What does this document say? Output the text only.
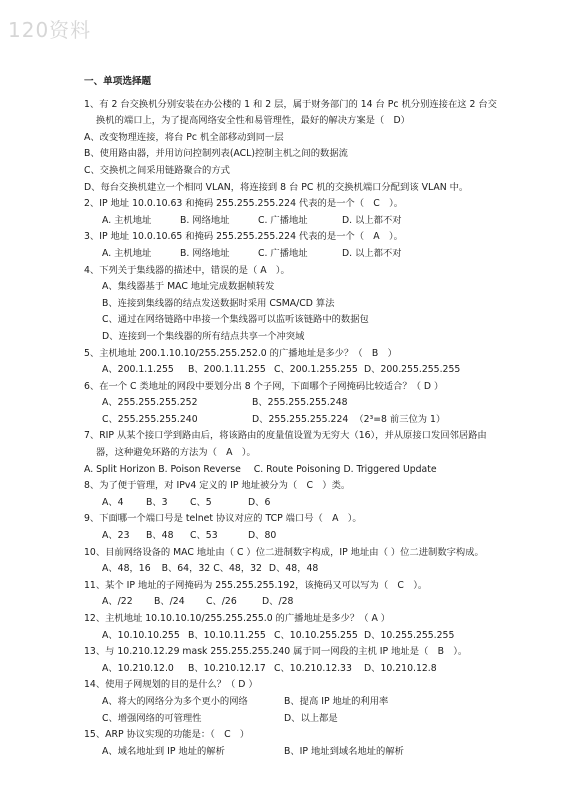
120资料
一、单项选择题
1、有 2 台交换机分别安装在办公楼的 1 和 2 层，属于财务部门的 14 台 Pc 机分别连接在这 2 台交换机的端口上，为了提高网络安全性和易管理性，最好的解决方案是（　D）
A、改变物理连接，将台 Pc 机全部移动到同一层
B、使用路由器，并用访问控制列表(ACL)控制主机之间的数据流
C、交换机之间采用链路聚合的方式
D、每台交换机建立一个相同 VLAN，将连接到 8 台 PC 机的交换机端口分配到该 VLAN 中。
2、IP 地址 10.0.10.63 和掩码 255.255.255.224 代表的是一个（　C　）。
A. 主机地址	B. 网络地址	C. 广播地址	D. 以上都不对
3、IP 地址 10.0.10.65 和掩码 255.255.255.224 代表的是一个（　A　）。
A. 主机地址	B. 网络地址	C. 广播地址	D. 以上都不对
4、下列关于集线器的描述中，错误的是（ A　）。
A、集线器基于 MAC 地址完成数据帧转发
B、连接到集线器的结点发送数据时采用 CSMA/CD 算法
C、通过在网络链路中串接一个集线器可以监听该链路中的数据包
D、连接到一个集线器的所有结点共享一个冲突域
5、主机地址 200.1.10.10/255.255.252.0 的广播地址是多少？（　B　）
A、200.1.1.255	B、200.1.11.255 C、200.1.255.255 D、200.255.255.255
6、在一个 C 类地址的网段中要划分出 8 个子网，下面哪个子网掩码比较适合？（ D ）
A、255.255.255.252	B、255.255.255.248
C、255.255.255.240	D、255.255.255.224 （2³=8 前三位为 1）
7、RIP 从某个接口学到路由后，将该路由的度量值设置为无穷大（16），并从原接口发回邻居路由器，这种避免环路的方法为（　A　）。
A. Split Horizon B. Poison Reverse C. Route Poisoning D. Triggered Update
8、为了便于管理，对 IPv4 定义的 IP 地址被分为（　C　）类。
A、4	B、3	C、5	D、6
9、下面哪一个端口号是 telnet 协议对应的 TCP 端口号（　A　）。
A、23	B、48	C、53	D、80
10、目前网络设备的 MAC 地址由（ C ）位二进制数字构成，IP 地址由（ ）位二进制数字构成。
A、48，16 B、64，32 C、48，32 D、48，48
11、某个 IP 地址的子网掩码为 255.255.255.192，该掩码又可以写为（　C　）。
A、/22	B、/24	C、/26	D、/28
12、主机地址 10.10.10.10/255.255.255.0 的广播地址是多少？（ A ）
A、10.10.10.255 B、10.10.11.255 C、10.10.255.255 D、10.255.255.255
13、与 10.210.12.29 mask 255.255.255.240 属于同一网段的主机 IP 地址是（　B　）。
A、10.210.12.0	B、10.210.12.17 C、10.210.12.33	D、10.210.12.8
14、使用子网规划的目的是什么？（ D ）
A、将大的网络分为多个更小的网络	B、提高 IP 地址的利用率
C、增强网络的可管理性	D、以上都是
15、ARP 协议实现的功能是：（　C　）
A、域名地址到 IP 地址的解析	B、IP 地址到域名地址的解析
